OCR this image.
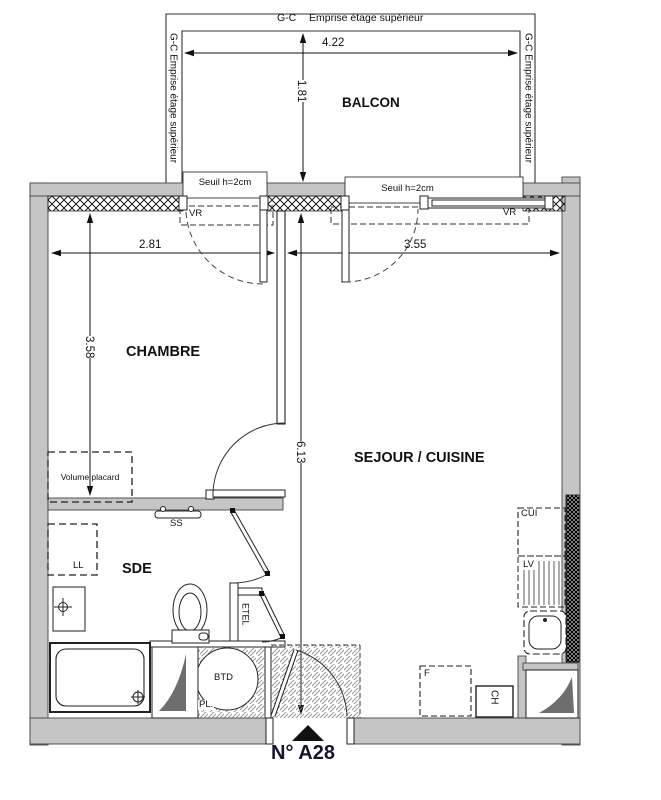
G-C Emprise étage supérieur
G-C Emprise étage supérieur	G-C Emprise étage supérieur
4.22
1.81
BALCON
Seuil h=2cm
Seuil h=2cm
VR	VR
2.81	3.55
3.58
6.13
CHAMBRE
SEJOUR / CUISINE
SDE
Volume placard
LL
SS
ETEL
BTD
PL.
CUI
LV
F
CH
N° A28
